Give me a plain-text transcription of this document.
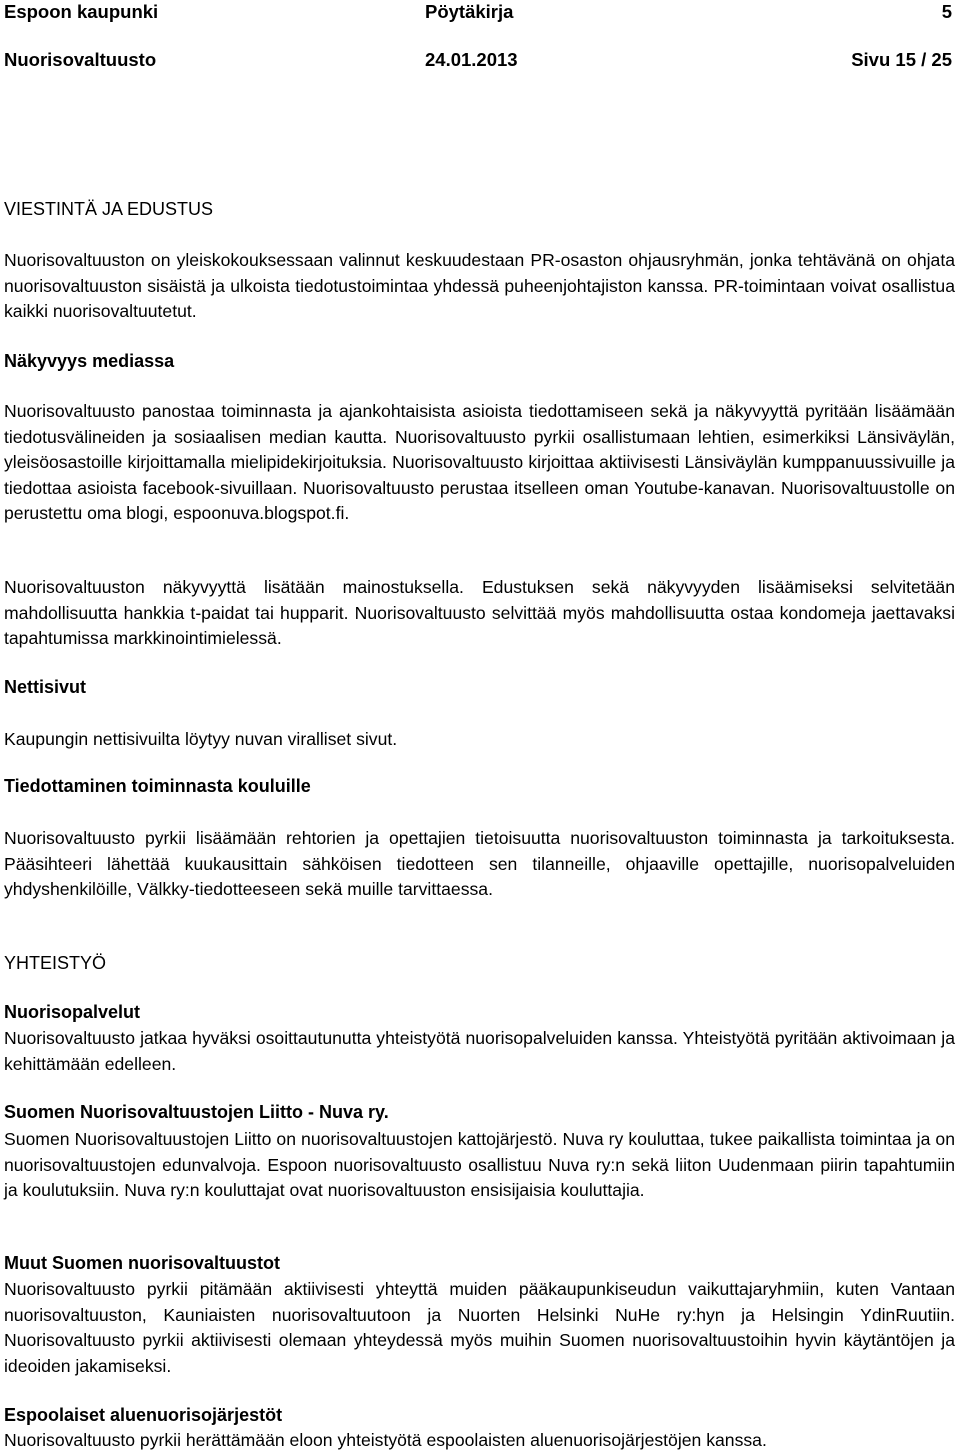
Espoon kaupunki	Pöytäkirja	5
Nuorisovaltuusto	24.01.2013	Sivu 15 / 25
VIESTINTÄ JA EDUSTUS
Nuorisovaltuuston on yleiskokouksessaan valinnut keskuudestaan PR-osaston ohjausryhmän, jonka tehtävänä on ohjata nuorisovaltuuston sisäistä ja ulkoista tiedotustoimintaa yhdessä puheenjohtajiston kanssa. PR-toimintaan voivat osallistua kaikki nuorisovaltuutetut.
Näkyvyys mediassa
Nuorisovaltuusto panostaa toiminnasta ja ajankohtaisista asioista tiedottamiseen sekä ja näkyvyyttä pyritään lisäämään tiedotusvälineiden ja sosiaalisen median kautta. Nuorisovaltuusto pyrkii osallistumaan lehtien, esimerkiksi Länsiväylän, yleisöosastoille kirjoittamalla mielipidekirjoituksia. Nuorisovaltuusto kirjoittaa aktiivisesti Länsiväylän kumppanuussivuille ja tiedottaa asioista facebook-sivuillaan. Nuorisovaltuusto perustaa itselleen oman Youtube-kanavan. Nuorisovaltuustolle on perustettu oma blogi, espoonuva.blogspot.fi.
Nuorisovaltuuston näkyvyyttä lisätään mainostuksella. Edustuksen sekä näkyvyyden lisäämiseksi selvitetään mahdollisuutta hankkia t-paidat tai hupparit. Nuorisovaltuusto selvittää myös mahdollisuutta ostaa kondomeja jaettavaksi tapahtumissa markkinointimielessä.
Nettisivut
Kaupungin nettisivuilta löytyy nuvan viralliset sivut.
Tiedottaminen toiminnasta kouluille
Nuorisovaltuusto pyrkii lisäämään rehtorien ja opettajien tietoisuutta nuorisovaltuuston toiminnasta ja tarkoituksesta. Pääsihteeri lähettää kuukausittain sähköisen tiedotteen sen tilanneille, ohjaaville opettajille, nuorisopalveluiden yhdyshenkilöille, Välkky-tiedotteeseen sekä muille tarvittaessa.
YHTEISTYÖ
Nuorisopalvelut
Nuorisovaltuusto jatkaa hyväksi osoittautunutta yhteistyötä nuorisopalveluiden kanssa. Yhteistyötä pyritään aktivoimaan ja kehittämään edelleen.
Suomen Nuorisovaltuustojen Liitto - Nuva ry.
Suomen Nuorisovaltuustojen Liitto on nuorisovaltuustojen kattojärjestö. Nuva ry kouluttaa, tukee paikallista toimintaa ja on nuorisovaltuustojen edunvalvoja. Espoon nuorisovaltuusto osallistuu Nuva ry:n sekä liiton Uudenmaan piirin tapahtumiin ja koulutuksiin. Nuva ry:n kouluttajat ovat nuorisovaltuuston ensisijaisia kouluttajia.
Muut Suomen nuorisovaltuustot
Nuorisovaltuusto pyrkii pitämään aktiivisesti yhteyttä muiden pääkaupunkiseudun vaikuttajaryhmiin, kuten Vantaan nuorisovaltuuston, Kauniaisten nuorisovaltuutoon ja Nuorten Helsinki NuHe ry:hyn ja Helsingin YdinRuutiin. Nuorisovaltuusto pyrkii aktiivisesti olemaan yhteydessä myös muihin Suomen nuorisovaltuustoihin hyvin käytäntöjen ja ideoiden jakamiseksi.
Espoolaiset aluenuorisojärjestöt
Nuorisovaltuusto pyrkii herättämään eloon yhteistyötä espoolaisten aluenuorisojärjestöjen kanssa.
